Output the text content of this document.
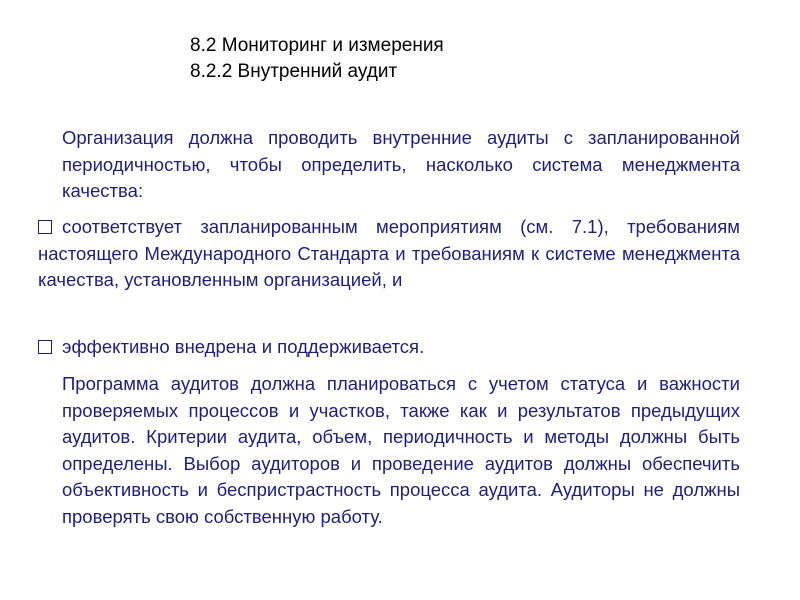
8.2 Мониторинг и измерения
8.2.2 Внутренний аудит
Организация должна проводить внутренние аудиты с запланированной периодичностью, чтобы определить, насколько система менеджмента качества:
соответствует запланированным мероприятиям (см. 7.1), требованиям настоящего Международного Стандарта и требованиям к системе менеджмента качества, установленным организацией, и
эффективно внедрена и поддерживается.
Программа аудитов должна планироваться с учетом статуса и важности проверяемых процессов и участков, также как и результатов предыдущих аудитов. Критерии аудита, объем, периодичность и методы должны быть определены. Выбор аудиторов и проведение аудитов должны обеспечить объективность и беспристрастность процесса аудита. Аудиторы не должны проверять свою собственную работу.
